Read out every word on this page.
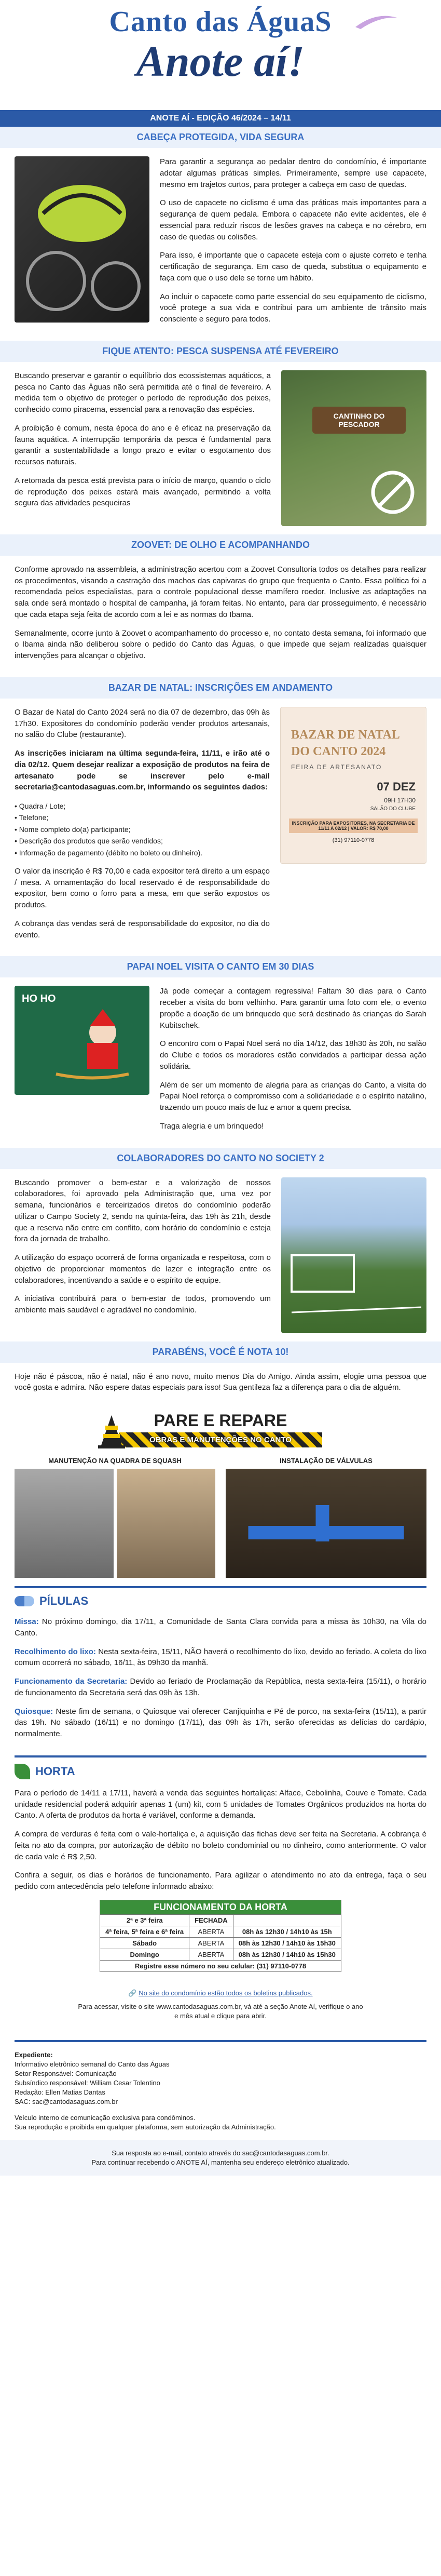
Canto das ÁguaS
Anote aí!
ANOTE AÍ - EDIÇÃO 46/2024 – 14/11
CABEÇA PROTEGIDA, VIDA SEGURA

Para garantir a segurança ao pedalar dentro do condomínio, é importante adotar algumas práticas simples. Primeiramente, sempre use capacete, mesmo em trajetos curtos, para proteger a cabeça em caso de quedas.

O uso de capacete no ciclismo é uma das práticas mais importantes para a segurança de quem pedala. Embora o capacete não evite acidentes, ele é essencial para reduzir riscos de lesões graves na cabeça e no cérebro, em caso de quedas ou colisões.

Para isso, é importante que o capacete esteja com o ajuste correto e tenha certificação de segurança. Em caso de queda, substitua o equipamento e faça com que o uso dele se torne um hábito.

Ao incluir o capacete como parte essencial do seu equipamento de ciclismo, você protege a sua vida e contribui para um ambiente de trânsito mais consciente e seguro para todos.

FIQUE ATENTO: PESCA SUSPENSA ATÉ FEVEREIRO

Buscando preservar e garantir o equilíbrio dos ecossistemas aquáticos, a pesca no Canto das Águas não será permitida até o final de fevereiro. A medida tem o objetivo de proteger o período de reprodução dos peixes, conhecido como piracema, essencial para a renovação das espécies.

A proibição é comum, nesta época do ano e é eficaz na preservação da fauna aquática. A interrupção temporária da pesca é fundamental para garantir a sustentabilidade a longo prazo e evitar o esgotamento dos recursos naturais.

A retomada da pesca está prevista para o início de março, quando o ciclo de reprodução dos peixes estará mais avançado, permitindo a volta segura das atividades pesqueiras

CANTINHO DO PESCADOR
ZOOVET: DE OLHO E ACOMPANHANDO

Conforme aprovado na assembleia, a administração acertou com a Zoovet Consultoria todos os detalhes para realizar os procedimentos, visando a castração dos machos das capivaras do grupo que frequenta o Canto. Essa política foi a recomendada pelos especialistas, para o controle populacional desse mamífero roedor. Inclusive as adaptações na sala onde será montado o hospital de campanha, já foram feitas. No entanto, para dar prosseguimento, é necessário que cada etapa seja feita de acordo com a lei e as normas do Ibama.

Semanalmente, ocorre junto à Zoovet o acompanhamento do processo e, no contato desta semana, foi informado que o Ibama ainda não deliberou sobre o pedido do Canto das Águas, o que impede que sejam realizadas quaisquer intervenções para alcançar o objetivo.

BAZAR DE NATAL: INSCRIÇÕES EM ANDAMENTO

O Bazar de Natal do Canto 2024 será no dia 07 de dezembro, das 09h às 17h30. Expositores do condomínio poderão vender produtos artesanais, no salão do Clube (restaurante).

As inscrições iniciaram na última segunda-feira, 11/11, e irão até o dia 02/12. Quem desejar realizar a exposição de produtos na feira de artesanato pode se inscrever pelo e-mail secretaria@cantodasaguas.com.br, informando os seguintes dados:

• Quadra / Lote;
• Telefone;
• Nome completo do(a) participante;
• Descrição dos produtos que serão vendidos;
• Informação de pagamento (débito no boleto ou dinheiro).

O valor da inscrição é R$ 70,00 e cada expositor terá direito a um espaço / mesa. A ornamentação do local reservado é de responsabilidade do expositor, bem como o forro para a mesa, em que serão expostos os produtos.

A cobrança das vendas será de responsabilidade do expositor, no dia do evento.

BAZAR DE NATAL
DO CANTO 2024
FEIRA DE ARTESANATO
07 DEZ
09H 17H30
SALÃO DO CLUBE
INSCRIÇÃO PARA EXPOSITORES, NA SECRETARIA DE 11/11 A 02/12 | VALOR: R$ 70,00
(31) 97110-0778
PAPAI NOEL VISITA O CANTO EM 30 DIAS
HO HO

Já pode começar a contagem regressiva! Faltam 30 dias para o Canto receber a visita do bom velhinho. Para garantir uma foto com ele, o evento propõe a doação de um brinquedo que será destinado às crianças do Sarah Kubitschek.

O encontro com o Papai Noel será no dia 14/12, das 18h30 às 20h, no salão do Clube e todos os moradores estão convidados a participar dessa ação solidária.

Além de ser um momento de alegria para as crianças do Canto, a visita do Papai Noel reforça o compromisso com a solidariedade e o espírito natalino, trazendo um pouco mais de luz e amor a quem precisa.

Traga alegria e um brinquedo!

COLABORADORES DO CANTO NO SOCIETY 2

Buscando promover o bem-estar e a valorização de nossos colaboradores, foi aprovado pela Administração que, uma vez por semana, funcionários e terceirizados diretos do condomínio poderão utilizar o Campo Society 2, sendo na quinta-feira, das 19h às 21h, desde que a reserva não entre em conflito, com horário do condomínio e esteja fora da jornada de trabalho.

A utilização do espaço ocorrerá de forma organizada e respeitosa, com o objetivo de proporcionar momentos de lazer e integração entre os colaboradores, incentivando a saúde e o espírito de equipe.

A iniciativa contribuirá para o bem-estar de todos, promovendo um ambiente mais saudável e agradável no condomínio.

PARABÉNS, VOCÊ É NOTA 10!

Hoje não é páscoa, não é natal, não é ano novo, muito menos Dia do Amigo. Ainda assim, elogie uma pessoa que você gosta e admira. Não espere datas especiais para isso! Sua gentileza faz a diferença para o dia de alguém.

PARE E REPARE
OBRAS E MANUTENÇÕES NO CANTO
MANUTENÇÃO NA QUADRA DE SQUASH	INSTALAÇÃO DE VÁLVULAS
PÍLULAS

Missa: No próximo domingo, dia 17/11, a Comunidade de Santa Clara convida para a missa às 10h30, na Vila do Canto.

Recolhimento do lixo: Nesta sexta-feira, 15/11, NÃO haverá o recolhimento do lixo, devido ao feriado. A coleta do lixo comum ocorrerá no sábado, 16/11, às 09h30 da manhã.

Funcionamento da Secretaria: Devido ao feriado de Proclamação da República, nesta sexta-feira (15/11), o horário de funcionamento da Secretaria será das 09h às 13h.

Quiosque: Neste fim de semana, o Quiosque vai oferecer Canjiquinha e Pé de porco, na sexta-feira (15/11), a partir das 19h. No sábado (16/11) e no domingo (17/11), das 09h às 17h, serão oferecidas as delícias do cardápio, normalmente.

HORTA

Para o período de 14/11 a 17/11, haverá a venda das seguintes hortaliças: Alface, Cebolinha, Couve e Tomate. Cada unidade residencial poderá adquirir apenas 1 (um) kit, com 5 unidades de Tomates Orgânicos produzidos na horta do Canto. A oferta de produtos da horta é variável, conforme a demanda.

A compra de verduras é feita com o vale-hortaliça e, a aquisição das fichas deve ser feita na Secretaria. A cobrança é feita no ato da compra, por autorização de débito no boleto condominial ou no dinheiro, como anteriormente. O valor de cada vale é R$ 2,50.

Confira a seguir, os dias e horários de funcionamento. Para agilizar o atendimento no ato da entrega, faça o seu pedido com antecedência pelo telefone informado abaixo:

FUNCIONAMENTO DA HORTA		
2ª e 3ª feira	FECHADA	
4ª feira, 5ª feira e 6ª feira	ABERTA	08h às 12h30 / 14h10 às 15h
Sábado	ABERTA	08h às 12h30 / 14h10 às 15h30
Domingo	ABERTA	08h às 12h30 / 14h10 às 15h30
Registre esse número no seu celular: (31) 97110-0778		
🔗 No site do condomínio estão todos os boletins publicados.
Para acessar, visite o site www.cantodasaguas.com.br, vá até a seção Anote Aí, verifique o ano e mês atual e clique para abrir.
Expediente:
Informativo eletrônico semanal do Canto das Águas
Setor Responsável: Comunicação
Subsíndico responsável: William Cesar Tolentino
Redação: Ellen Matias Dantas
SAC: sac@cantodasaguas.com.br
Veículo interno de comunicação exclusiva para condôminos.
Sua reprodução e proibida em qualquer plataforma, sem autorização da Administração.
Sua resposta ao e-mail, contato através do sac@cantodasaguas.com.br.
Para continuar recebendo o ANOTE AÍ, mantenha seu endereço eletrônico atualizado.
